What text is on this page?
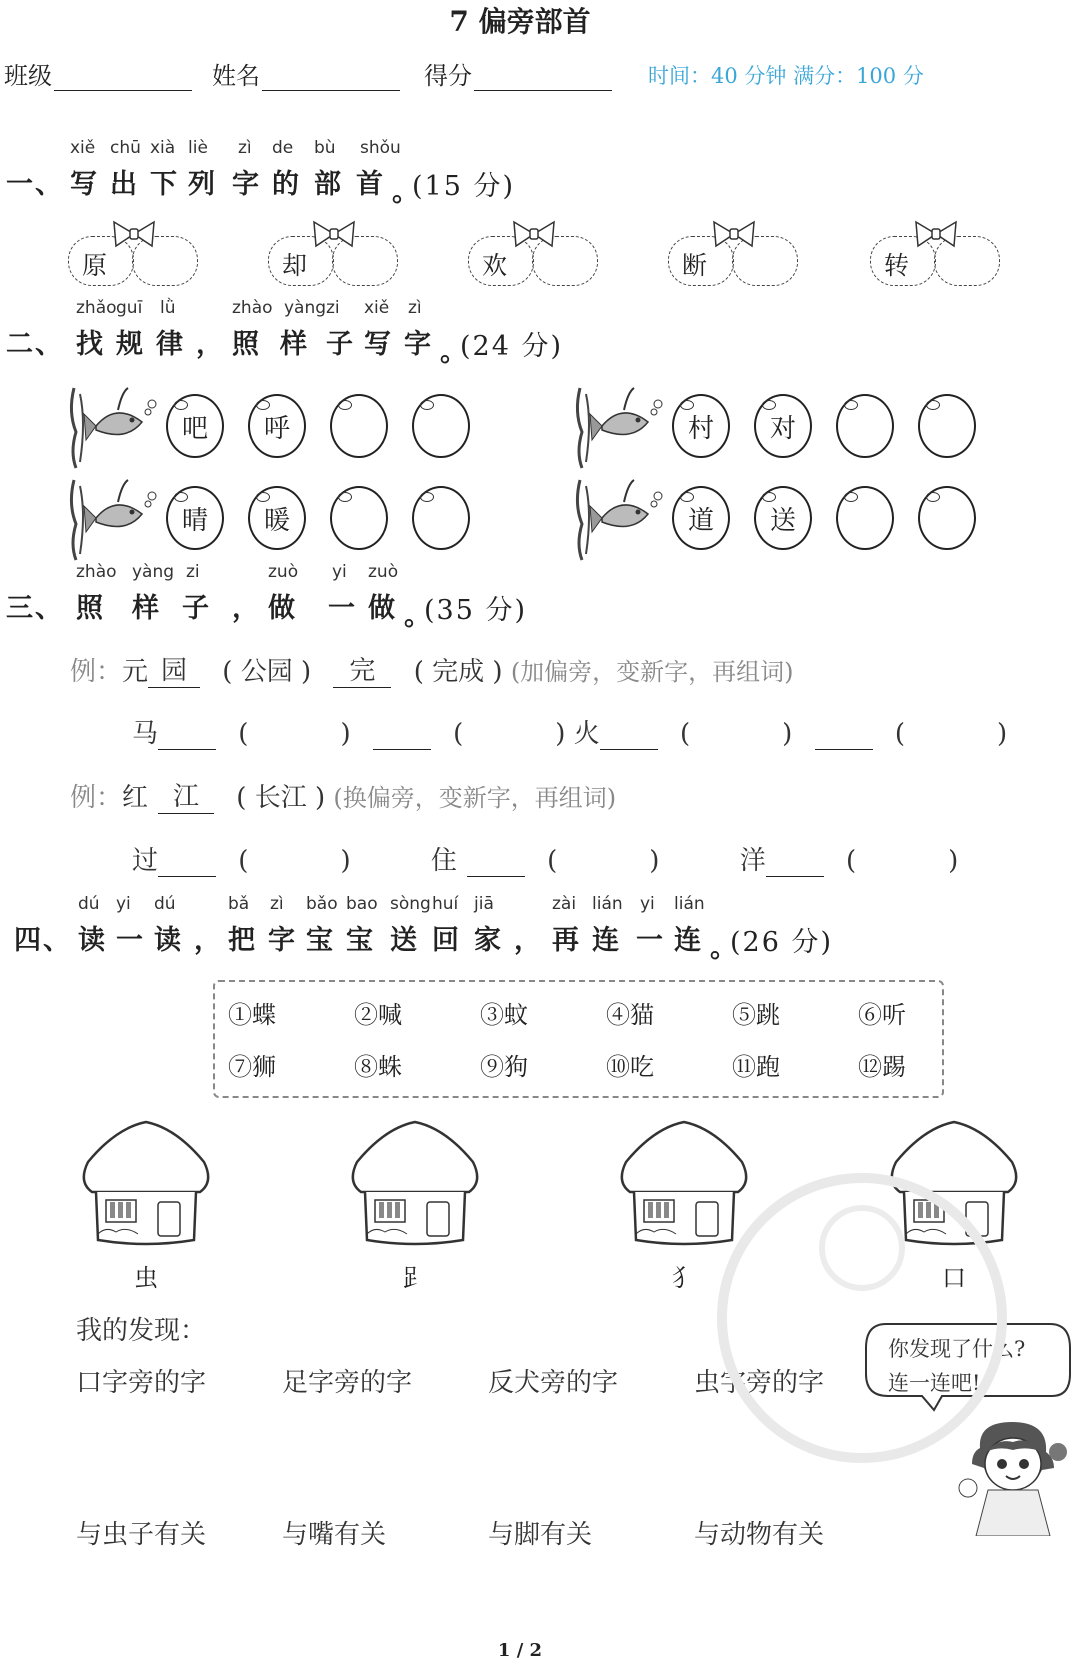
7 偏旁部首
班级	姓名	得分	时间：40 分钟 满分：100 分
一、 写
xiě
出
chū
下
xià
列
liè
字
zì
的
de
部
bù
首
shǒu
。
(15 分)
原	却	欢	断	转
二、 找
zhǎo
规
guī
律
lǜ
， 照
zhào
样
yàng
子
zi
写
xiě
字
zì
。
(24 分)
吧	呼	村	对
晴	暖	道	送
三、 照
zhào
样
yàng
子
zi
， 做
zuò
一
yi
做
zuò
。
(35 分)
例：元 园 ( 公园 ) 完 ( 完成 ) (加偏旁，变新字，再组词)
马	(	)	(	) 火	(	)	(	)
例：红 江 ( 长江 ) (换偏旁，变新字，再组词)
过	(	)	住	(	)	洋	(	)
四、 读
dú
一
yi
读
dú
， 把
bǎ
字
zì
宝
bǎo
宝
bao
送
sòng
回
huí
家
jiā
， 再
zài
连
lián
一
yi
连
lián
。
(26 分)
①蝶	②喊	③蚊	④猫	⑤跳	⑥听
⑦狮	⑧蛛	⑨狗	⑩吃	⑪跑	⑫踢
虫	𧾷	犭	口
我的发现：
口字旁的字	足字旁的字	反犬旁的字	虫字旁的字
与虫子有关	与嘴有关	与脚有关	与动物有关
你发现了什么?
连一连吧!
1 / 2
